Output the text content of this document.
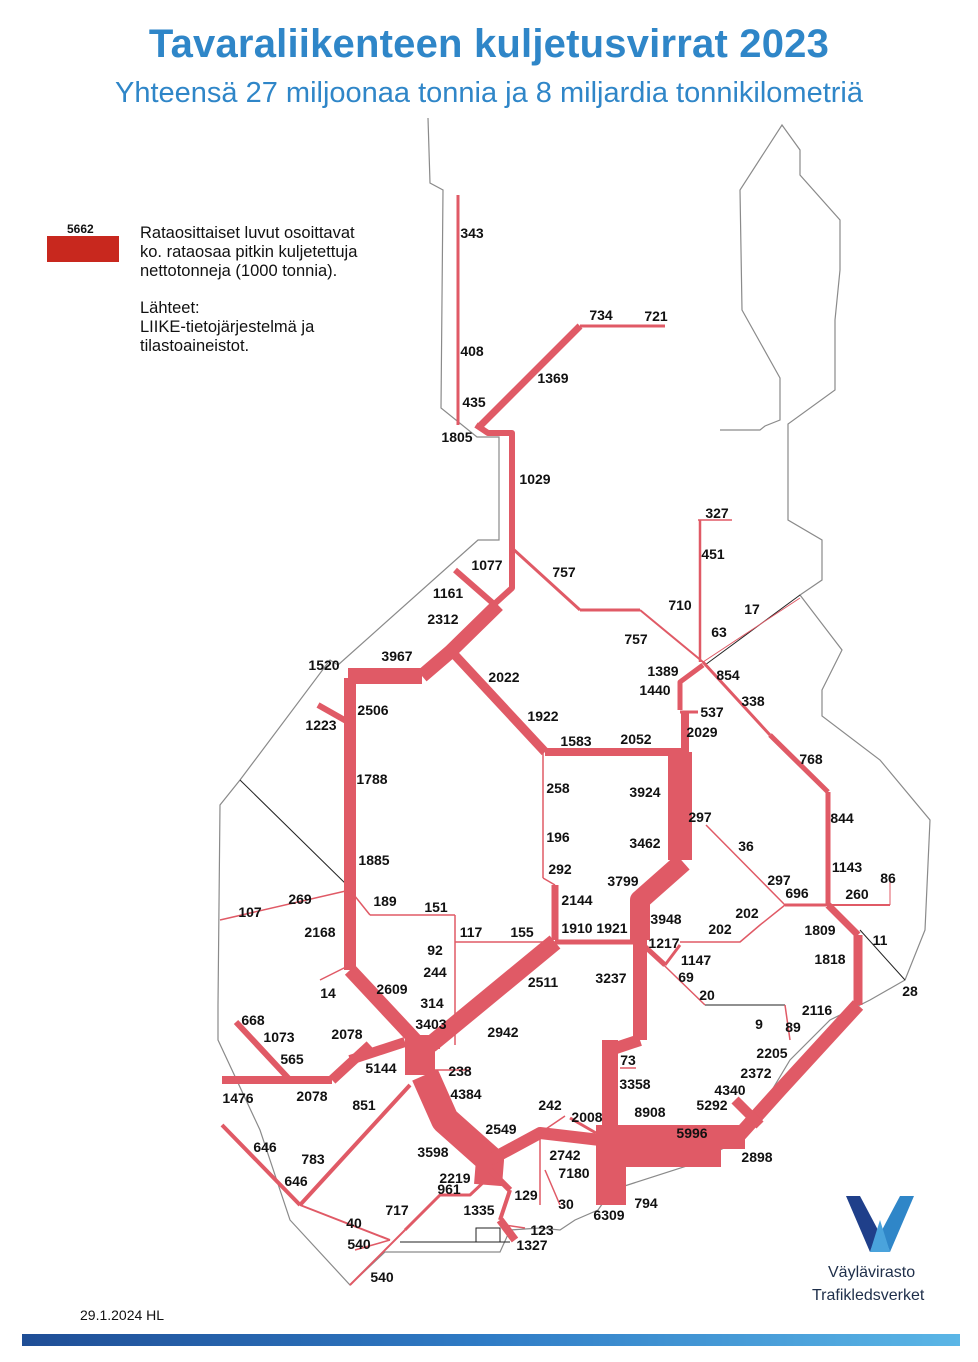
Tavaraliikenteen kuljetusvirrat 2023
Yhteensä 27 miljoonaa tonnia ja 8 miljardia tonnikilometriä
343
408
435
1805
734 721
1369
1029
327
451
710	17
63
757
757
1077
1161
2312
854
1389
1440
338
537
2029
3967
1520
2022
1922
1583 2052
768
2506
1223
1788
258	3924
297	844
196	3462	36
1885
292
3799	297
696
1143
86
260
107
269	189 151	2144
3948	202
202	1809
11
2168	117 155 1910 1921
1217
1147	1818
92
69
244
2511	3237
20	28
14	2609
314	2116
668	3403	9 89
1073	2078	2942
73	2205
565
5144	238
3358
2372
1476	2078
851
4384	4340
242	8908 5292
2008
2549	5996
646	3598	2742	2898
783
7180
646	2219
961	129	794
30
717	1335	6309
40	123
540	1327
540
5662	Rataosittaiset luvut osoittavat

ko. rataosaa pitkin kuljetettuja

nettotonneja (1000 tonnia).

Lähteet:

LIIKE-tietojärjestelmä ja

tilastoaineistot.

29.1.2024 HL
Väylävirasto
Trafikledsverket
